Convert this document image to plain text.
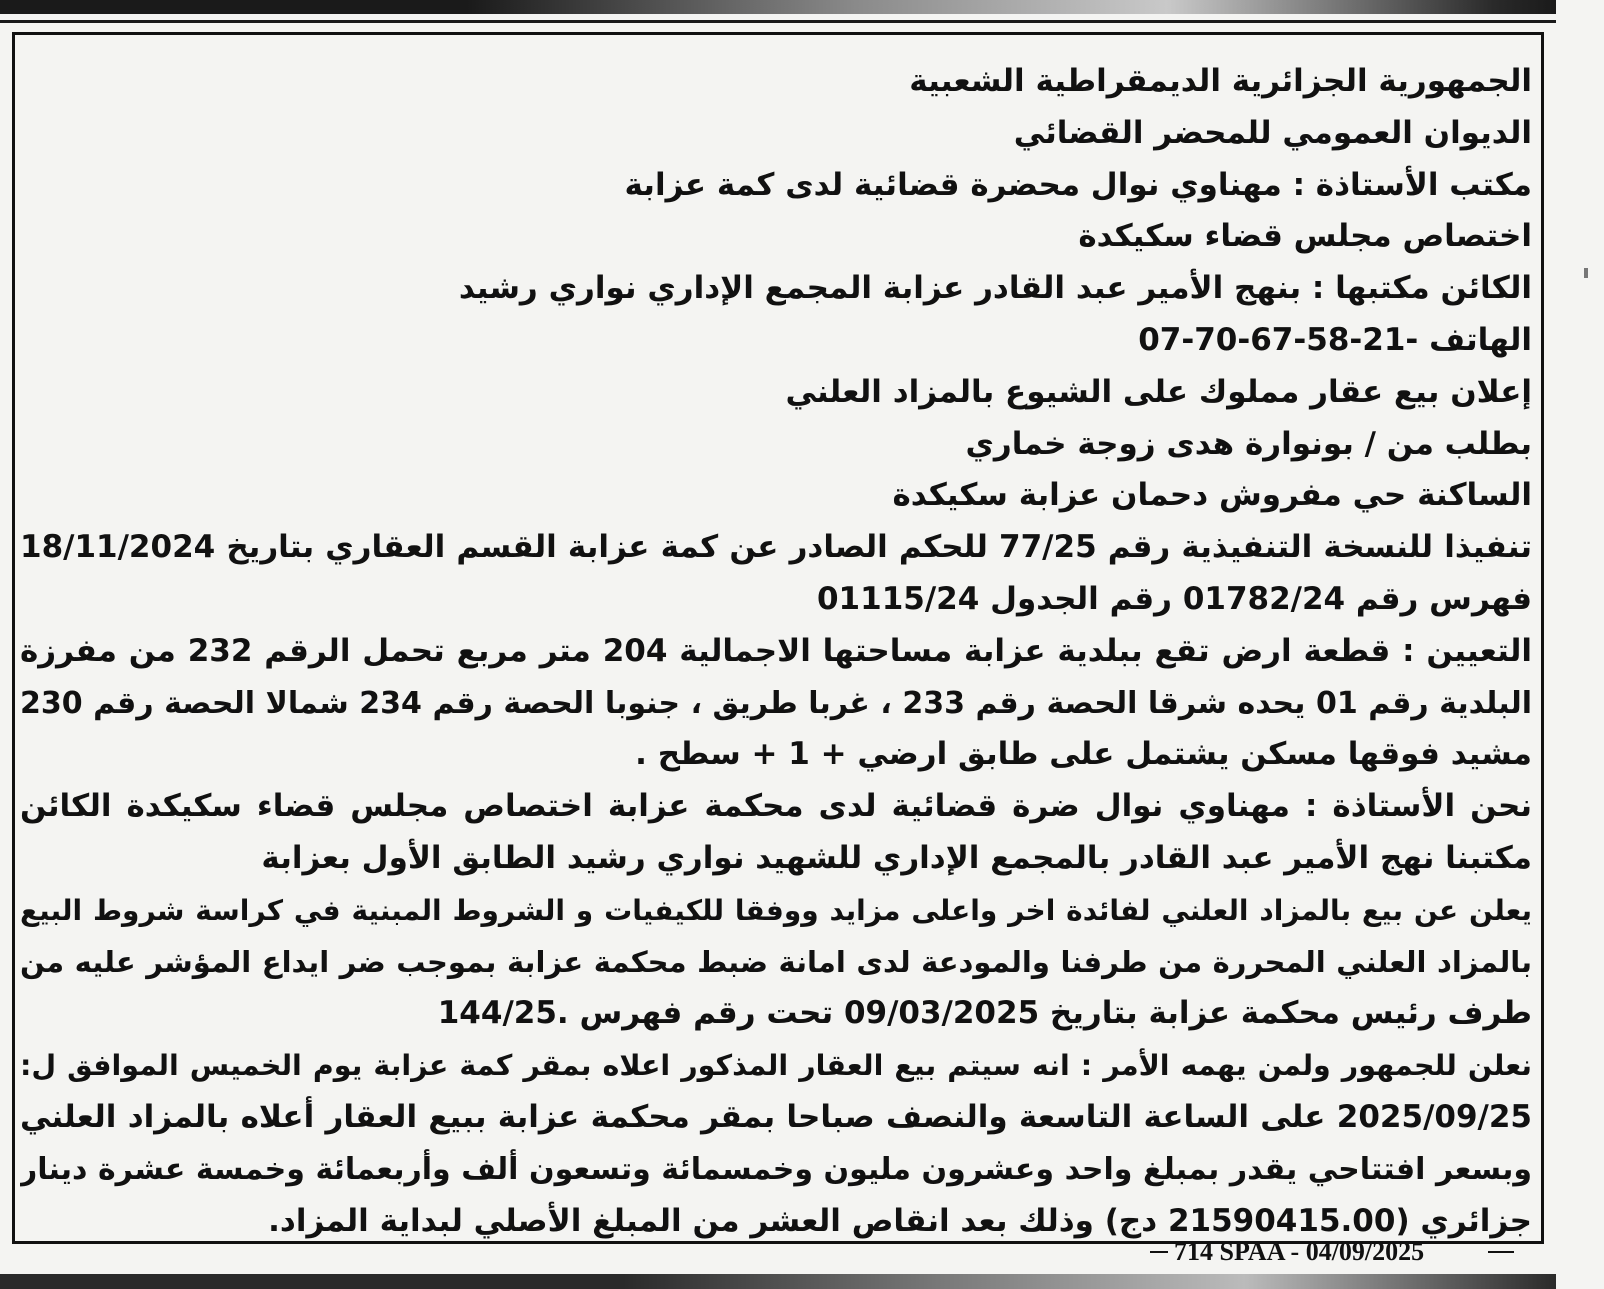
الجمهورية الجزائرية الديمقراطية الشعبية
الديوان العمومي للمحضر القضائي
مكتب الأستاذة : مهناوي نوال محضرة قضائية لدى كمة عزابة
اختصاص مجلس قضاء سكيكدة
الكائن مكتبها : بنهج الأمير عبد القادر عزابة المجمع الإداري نواري رشيد
الهاتف -21-58-67-70-07
إعلان بيع عقار مملوك على الشيوع بالمزاد العلني
بطلب من / بونوارة هدى زوجة خماري
الساكنة حي مفروش دحمان عزابة سكيكدة
تنفيذا للنسخة التنفيذية رقم 77/25 للحكم الصادر عن كمة عزابة القسم العقاري بتاريخ 18/11/2024
فهرس رقم 01782/24 رقم الجدول 01115/24
التعيين : قطعة ارض تقع ببلدية عزابة مساحتها الاجمالية 204 متر مربع تحمل الرقم 232 من مفرزة
البلدية رقم 01 يحده شرقا الحصة رقم 233 ، غربا طريق ، جنوبا الحصة رقم 234 شمالا الحصة رقم 230
مشيد فوقها مسكن يشتمل على طابق ارضي + 1 + سطح .
نحن الأستاذة : مهناوي نوال ضرة قضائية لدى محكمة عزابة اختصاص مجلس قضاء سكيكدة الكائن
مكتبنا نهج الأمير عبد القادر بالمجمع الإداري للشهيد نواري رشيد الطابق الأول بعزابة
يعلن عن بيع بالمزاد العلني لفائدة اخر واعلى مزايد ووفقا للكيفيات و الشروط المبنية في كراسة شروط البيع
بالمزاد العلني المحررة من طرفنا والمودعة لدى امانة ضبط محكمة عزابة بموجب ضر ايداع المؤشر عليه من
طرف رئيس محكمة عزابة بتاريخ 09/03/2025 تحت رقم فهرس .144/25
نعلن للجمهور ولمن يهمه الأمر : انه سيتم بيع العقار المذكور اعلاه بمقر كمة عزابة يوم الخميس الموافق ل:
2025/09/25 على الساعة التاسعة والنصف صباحا بمقر محكمة عزابة ببيع العقار أعلاه بالمزاد العلني
وبسعر افتتاحي يقدر بمبلغ واحد وعشرون مليون وخمسمائة وتسعون ألف وأربعمائة وخمسة عشرة دينار
جزائري (21590415.00 دج) وذلك بعد انقاص العشر من المبلغ الأصلي لبداية المزاد.
714 SPAA - 04/09/2025
